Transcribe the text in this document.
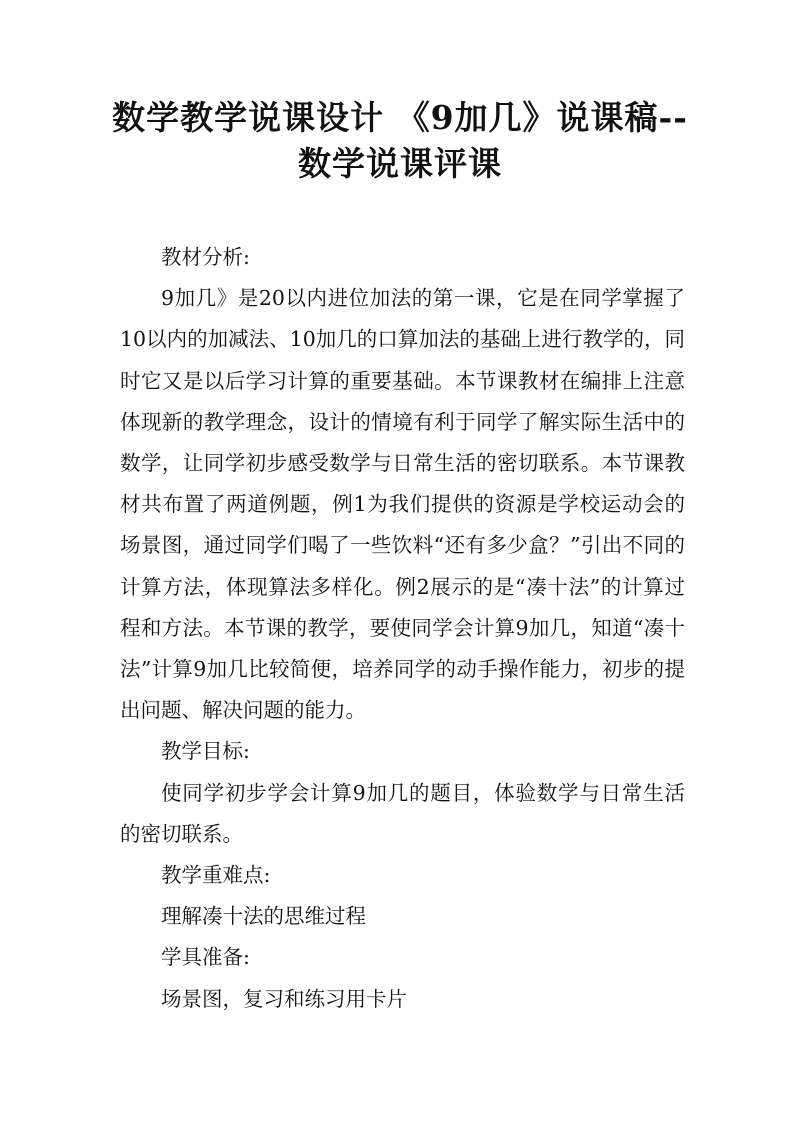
数学教学说课设计 《9加几》说课稿--
数学说课评课

教材分析:

9加几》是20以内进位加法的第一课，它是在同学掌握了10以内的加减法、10加几的口算加法的基础上进行教学的，同时它又是以后学习计算的重要基础。本节课教材在编排上注意体现新的教学理念，设计的情境有利于同学了解实际生活中的数学，让同学初步感受数学与日常生活的密切联系。本节课教材共布置了两道例题，例1为我们提供的资源是学校运动会的场景图，通过同学们喝了一些饮料“还有多少盒？”引出不同的计算方法，体现算法多样化。例2展示的是“凑十法”的计算过程和方法。本节课的教学，要使同学会计算9加几，知道“凑十法”计算9加几比较简便，培养同学的动手操作能力，初步的提出问题、解决问题的能力。

教学目标:

使同学初步学会计算9加几的题目，体验数学与日常生活的密切联系。

教学重难点:

理解凑十法的思维过程

学具准备:

场景图，复习和练习用卡片
